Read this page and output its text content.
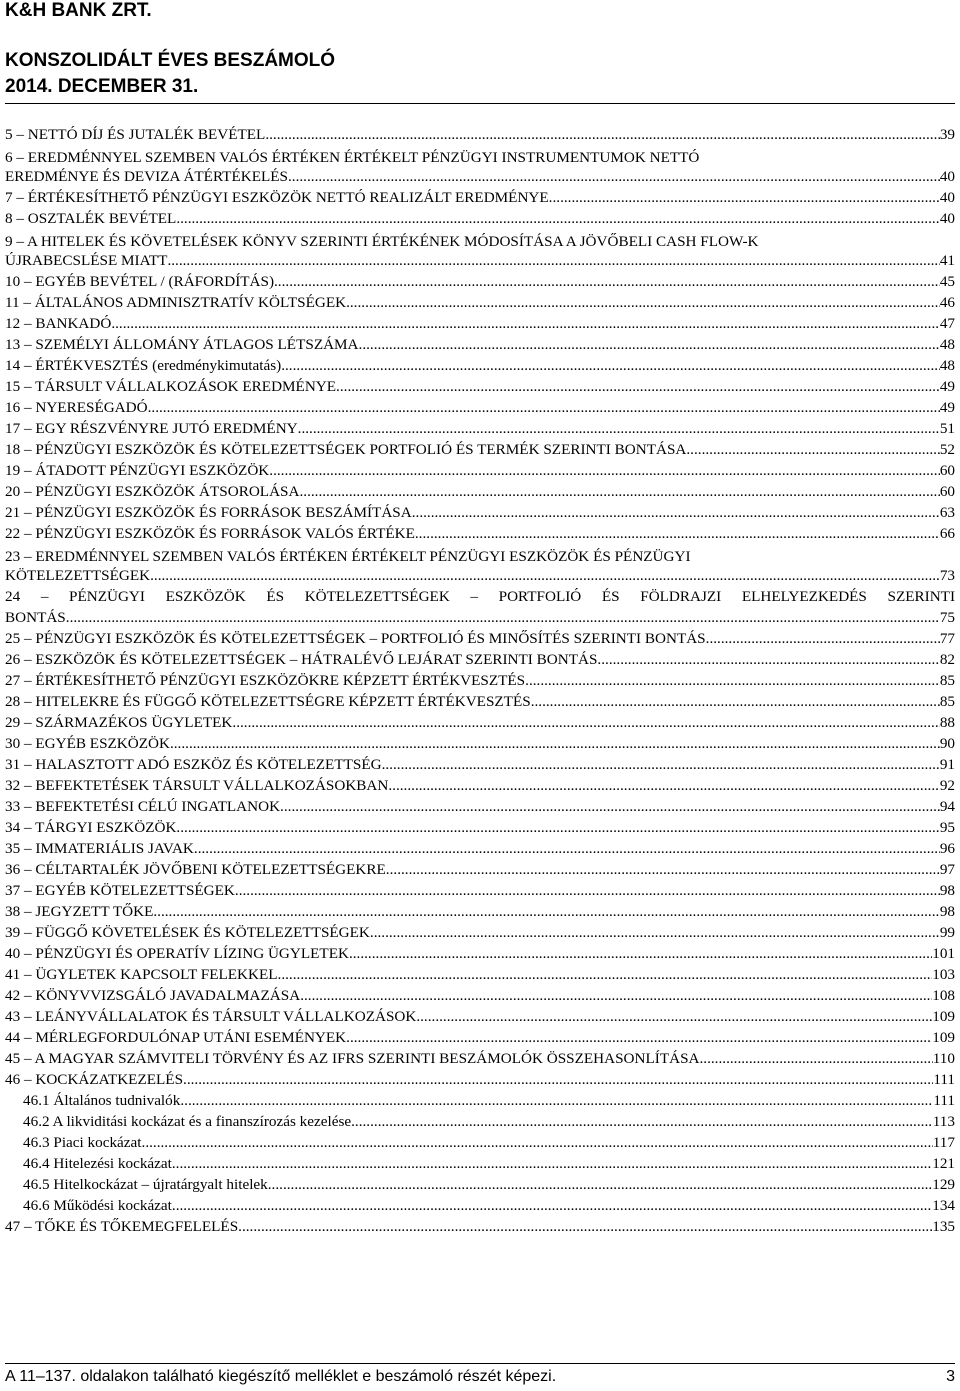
K&H BANK ZRT.
KONSZOLIDÁLT ÉVES BESZÁMOLÓ
2014. DECEMBER 31.
5 – NETTÓ DÍJ ÉS JUTALÉK BEVÉTEL .....	39
6 – EREDMÉNNYEL SZEMBEN VALÓS ÉRTÉKEN ÉRTÉKELT PÉNZÜGYI INSTRUMENTUMOK NETTÓ
EREDMÉNYE ÉS DEVIZA ÁTÉRTÉKELÉS .....	40
7 – ÉRTÉKESÍTHETŐ PÉNZÜGYI ESZKÖZÖK NETTÓ REALIZÁLT EREDMÉNYE .....	40
8 – OSZTALÉK BEVÉTEL .....	40
9 – A HITELEK ÉS KÖVETELÉSEK KÖNYV SZERINTI ÉRTÉKÉNEK MÓDOSÍTÁSA A JÖVŐBELI CASH FLOW-K
ÚJRABECSLÉSE MIATT .....	41
10 – EGYÉB BEVÉTEL / (RÁFORDÍTÁS) .....	45
11 – ÁLTALÁNOS ADMINISZTRATÍV KÖLTSÉGEK .....	46
12 – BANKADÓ .....	47
13 – SZEMÉLYI ÁLLOMÁNY ÁTLAGOS LÉTSZÁMA .....	48
14 – ÉRTÉKVESZTÉS (eredménykimutatás) .....	48
15 – TÁRSULT VÁLLALKOZÁSOK EREDMÉNYE .....	49
16 – NYERESÉGADÓ .....	49
17 – EGY RÉSZVÉNYRE JUTÓ EREDMÉNY .....	51
18 – PÉNZÜGYI ESZKÖZÖK ÉS KÖTELEZETTSÉGEK PORTFOLIÓ ÉS TERMÉK SZERINTI BONTÁSA .....	52
19 – ÁTADOTT PÉNZÜGYI ESZKÖZÖK .....	60
20 – PÉNZÜGYI ESZKÖZÖK ÁTSOROLÁSA .....	60
21 – PÉNZÜGYI ESZKÖZÖK ÉS FORRÁSOK BESZÁMÍTÁSA .....	63
22 – PÉNZÜGYI ESZKÖZÖK ÉS FORRÁSOK VALÓS ÉRTÉKE .....	66
23 – EREDMÉNNYEL SZEMBEN VALÓS ÉRTÉKEN ÉRTÉKELT PÉNZÜGYI ESZKÖZÖK ÉS PÉNZÜGYI
KÖTELEZETTSÉGEK .....	73
24 – PÉNZÜGYI ESZKÖZÖK ÉS KÖTELEZETTSÉGEK – PORTFOLIÓ ÉS FÖLDRAJZI ELHELYEZKEDÉS SZERINTI
BONTÁS .....	75
25 – PÉNZÜGYI ESZKÖZÖK ÉS KÖTELEZETTSÉGEK – PORTFOLIÓ ÉS MINŐSÍTÉS SZERINTI BONTÁS .....	77
26 – ESZKÖZÖK ÉS KÖTELEZETTSÉGEK – HÁTRALÉVŐ LEJÁRAT SZERINTI BONTÁS .....	82
27 – ÉRTÉKESÍTHETŐ PÉNZÜGYI ESZKÖZÖKRE KÉPZETT ÉRTÉKVESZTÉS .....	85
28 – HITELEKRE ÉS FÜGGŐ KÖTELEZETTSÉGRE KÉPZETT ÉRTÉKVESZTÉS .....	85
29 – SZÁRMAZÉKOS ÜGYLETEK .....	88
30 – EGYÉB ESZKÖZÖK .....	90
31 – HALASZTOTT ADÓ ESZKÖZ ÉS KÖTELEZETTSÉG .....	91
32 – BEFEKTETÉSEK TÁRSULT VÁLLALKOZÁSOKBAN .....	92
33 – BEFEKTETÉSI CÉLÚ INGATLANOK .....	94
34 – TÁRGYI ESZKÖZÖK .....	95
35 – IMMATERIÁLIS JAVAK .....	96
36 – CÉLTARTALÉK JÖVŐBENI KÖTELEZETTSÉGEKRE .....	97
37 – EGYÉB KÖTELEZETTSÉGEK .....	98
38 – JEGYZETT TŐKE .....	98
39 – FÜGGŐ KÖVETELÉSEK ÉS KÖTELEZETTSÉGEK .....	99
40 – PÉNZÜGYI ÉS OPERATÍV LÍZING ÜGYLETEK .....	101
41 – ÜGYLETEK KAPCSOLT FELEKKEL .....	103
42 – KÖNYVVIZSGÁLÓ JAVADALMAZÁSA .....	108
43 – LEÁNYVÁLLALATOK ÉS TÁRSULT VÁLLALKOZÁSOK .....	109
44 – MÉRLEGFORDULÓNAP UTÁNI ESEMÉNYEK .....	109
45 – A MAGYAR SZÁMVITELI TÖRVÉNY ÉS AZ IFRS SZERINTI BESZÁMOLÓK ÖSSZEHASONLÍTÁSA .....	110
46 – KOCKÁZATKEZELÉS .....	111
46.1 Általános tudnivalók .....	111
46.2 A likviditási kockázat és a finanszírozás kezelése .....	113
46.3 Piaci kockázat .....	117
46.4 Hitelezési kockázat .....	121
46.5 Hitelkockázat – újratárgyalt hitelek .....	129
46.6 Működési kockázat .....	134
47 – TŐKE ÉS TŐKEMEGFELELÉS .....	135
A 11–137. oldalakon található kiegészítő melléklet e beszámoló részét képezi.	3
